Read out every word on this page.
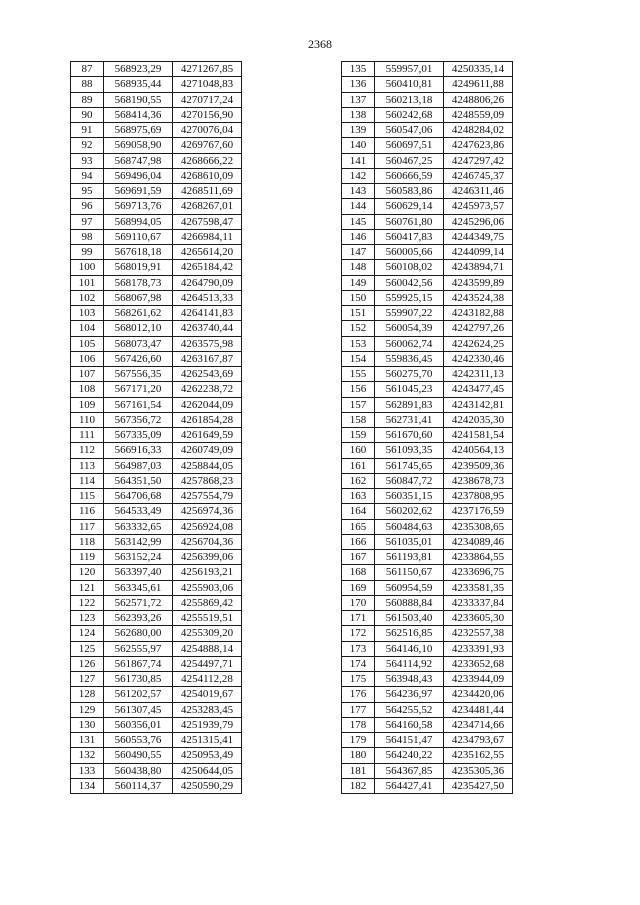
2368
87	568923,29	4271267,85
88	568935,44	4271048,83
89	568190,55	4270717,24
90	568414,36	4270156,90
91	568975,69	4270076,04
92	569058,90	4269767,60
93	568747,98	4268666,22
94	569496,04	4268610,09
95	569691,59	4268511,69
96	569713,76	4268267,01
97	568994,05	4267598,47
98	569110,67	4266984,11
99	567618,18	4265614,20
100	568019,91	4265184,42
101	568178,73	4264790,09
102	568067,98	4264513,33
103	568261,62	4264141,83
104	568012,10	4263740,44
105	568073,47	4263575,98
106	567426,60	4263167,87
107	567556,35	4262543,69
108	567171,20	4262238,72
109	567161,54	4262044,09
110	567356,72	4261854,28
111	567335,09	4261649,59
112	566916,33	4260749,09
113	564987,03	4258844,05
114	564351,50	4257868,23
115	564706,68	4257554,79
116	564533,49	4256974,36
117	563332,65	4256924,08
118	563142,99	4256704,36
119	563152,24	4256399,06
120	563397,40	4256193,21
121	563345,61	4255903,06
122	562571,72	4255869,42
123	562393,26	4255519,51
124	562680,00	4255309,20
125	562555,97	4254888,14
126	561867,74	4254497,71
127	561730,85	4254112,28
128	561202,57	4254019,67
129	561307,45	4253283,45
130	560356,01	4251939,79
131	560553,76	4251315,41
132	560490,55	4250953,49
133	560438,80	4250644,05
134	560114,37	4250590,29
135	559957,01	4250335,14
136	560410,81	4249611,88
137	560213,18	4248806,26
138	560242,68	4248559,09
139	560547,06	4248284,02
140	560697,51	4247623,86
141	560467,25	4247297,42
142	560666,59	4246745,37
143	560583,86	4246311,46
144	560629,14	4245973,57
145	560761,80	4245296,06
146	560417,83	4244349,75
147	560005,66	4244099,14
148	560108,02	4243894,71
149	560042,56	4243599,89
150	559925,15	4243524,38
151	559907,22	4243182,88
152	560054,39	4242797,26
153	560062,74	4242624,25
154	559836,45	4242330,46
155	560275,70	4242311,13
156	561045,23	4243477,45
157	562891,83	4243142,81
158	562731,41	4242035,30
159	561670,60	4241581,54
160	561093,35	4240564,13
161	561745,65	4239509,36
162	560847,72	4238678,73
163	560351,15	4237808,95
164	560202,62	4237176,59
165	560484,63	4235308,65
166	561035,01	4234089,46
167	561193,81	4233864,55
168	561150,67	4233696,75
169	560954,59	4233581,35
170	560888,84	4233337,84
171	561503,40	4233605,30
172	562516,85	4232557,38
173	564146,10	4233391,93
174	564114,92	4233652,68
175	563948,43	4233944,09
176	564236,97	4234420,06
177	564255,52	4234481,44
178	564160,58	4234714,66
179	564151,47	4234793,67
180	564240,22	4235162,55
181	564367,85	4235305,36
182	564427,41	4235427,50
